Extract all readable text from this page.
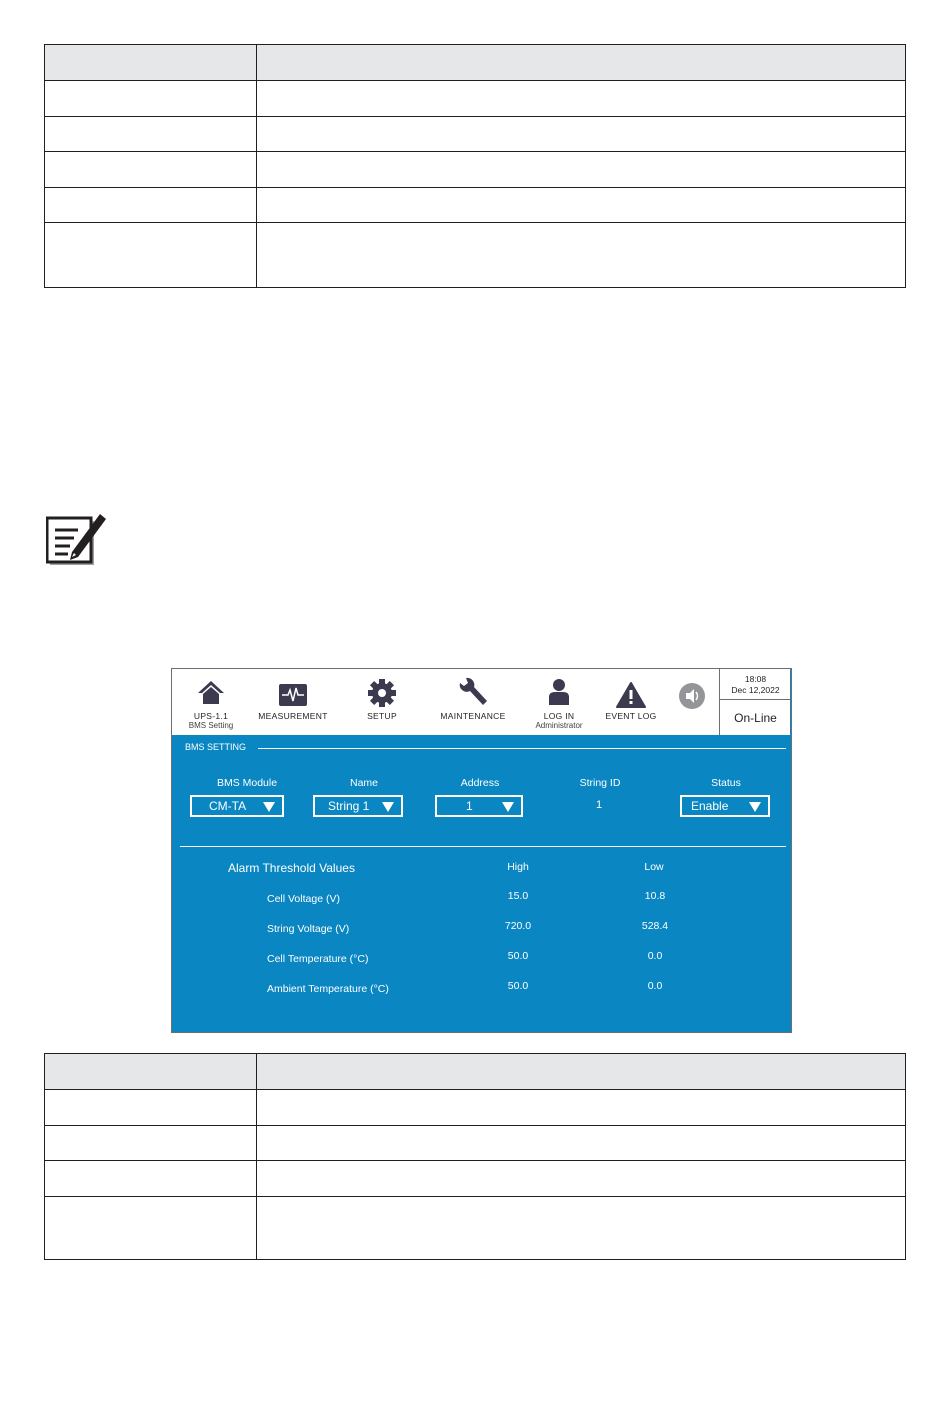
UPS-1.1
BMS Setting
MEASUREMENT	SETUP	MAINTENANCE	LOG IN
Administrator
EVENT LOG
18:08
Dec 12,2022
On-Line
BMS SETTING
BMS Module	Name	Address	String ID	Status
CM-TA	String 1	1	1	Enable
Alarm Threshold Values	High	Low
Cell Voltage (V)	15.0	10.8
String Voltage (V)	720.0	528.4
Cell Temperature (°C)	50.0	0.0
Ambient Temperature (°C)	50.0	0.0
